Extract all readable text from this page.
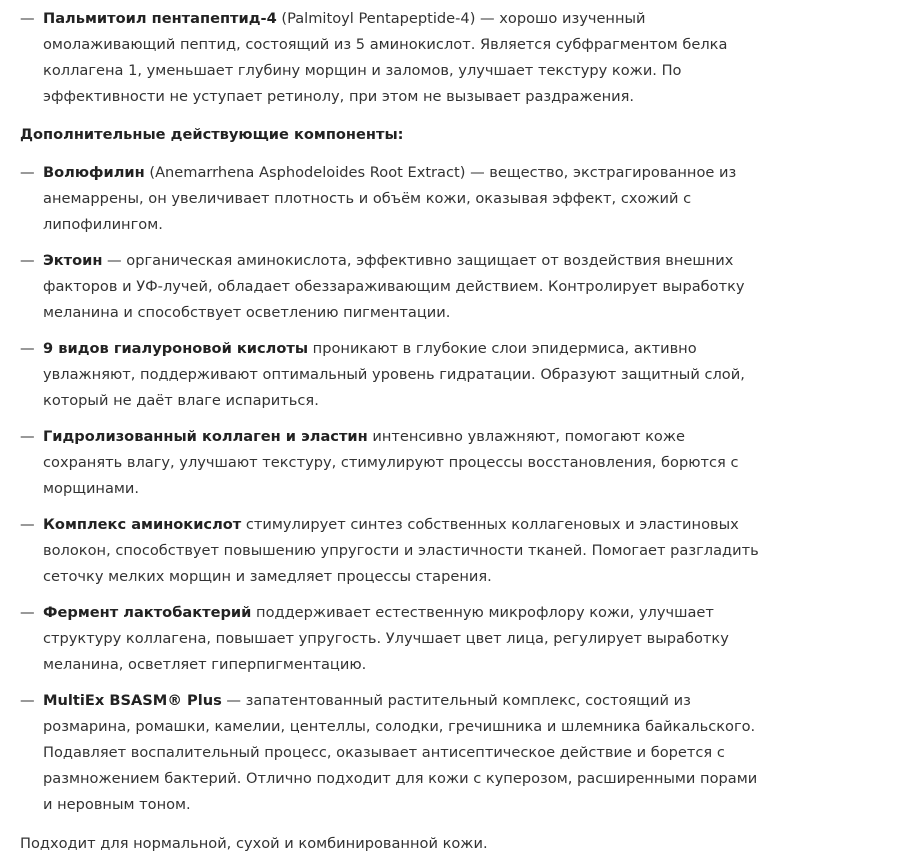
— Пальмитоил пентапептид-4 (Palmitoyl Pentapeptide-4) — хорошо изученный омолаживающий пептид, состоящий из 5 аминокислот. Является субфрагментом белка коллагена 1, уменьшает глубину морщин и заломов, улучшает текстуру кожи. По эффективности не уступает ретинолу, при этом не вызывает раздражения.
Дополнительные действующие компоненты:
— Волюфилин (Anemarrhena Asphodeloides Root Extract) — вещество, экстрагированное из анемаррены, он увеличивает плотность и объём кожи, оказывая эффект, схожий с липофилингом.
— Эктоин — органическая аминокислота, эффективно защищает от воздействия внешних факторов и УФ-лучей, обладает обеззараживающим действием. Контролирует выработку меланина и способствует осветлению пигментации.
— 9 видов гиалуроновой кислоты проникают в глубокие слои эпидермиса, активно увлажняют, поддерживают оптимальный уровень гидратации. Образуют защитный слой, который не даёт влаге испариться.
— Гидролизованный коллаген и эластин интенсивно увлажняют, помогают коже сохранять влагу, улучшают текстуру, стимулируют процессы восстановления, борются с морщинами.
— Комплекс аминокислот стимулирует синтез собственных коллагеновых и эластиновых волокон, способствует повышению упругости и эластичности тканей. Помогает разгладить сеточку мелких морщин и замедляет процессы старения.
— Фермент лактобактерий поддерживает естественную микрофлору кожи, улучшает структуру коллагена, повышает упругость. Улучшает цвет лица, регулирует выработку меланина, осветляет гиперпигментацию.
— MultiEx BSASM® Plus — запатентованный растительный комплекс, состоящий из розмарина, ромашки, камелии, центеллы, солодки, гречишника и шлемника байкальского. Подавляет воспалительный процесс, оказывает антисептическое действие и борется с размножением бактерий. Отлично подходит для кожи с куперозом, расширенными порами и неровным тоном.
Подходит для нормальной, сухой и комбинированной кожи.
